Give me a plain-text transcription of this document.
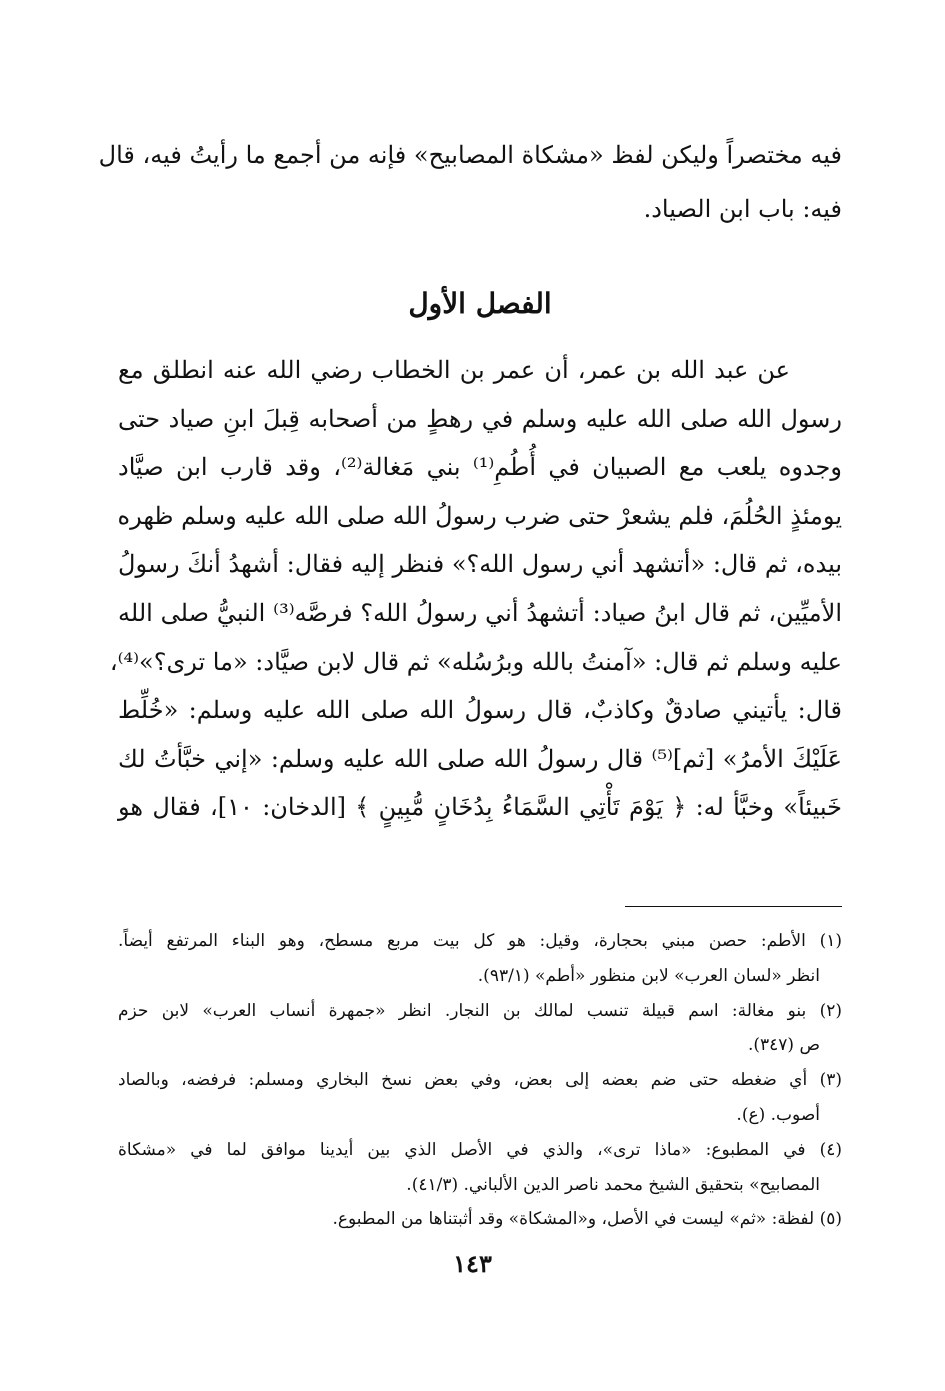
فيه مختصراً وليكن لفظ «مشكاة المصابيح» فإنه من أجمع ما رأيتُ فيه، قال
فيه: باب ابن الصياد.
الفصل الأول
عن عبد الله بن عمر، أن عمر بن الخطاب رضي الله عنه انطلق مع
رسول الله صلى الله عليه وسلم في رهطٍ من أصحابه قِبلَ ابنِ صياد حتى
وجدوه يلعب مع الصبيان في أُطُمِ⁽¹⁾ بني مَغالة⁽²⁾، وقد قارب ابن صيَّاد
يومئذٍ الحُلُمَ، فلم يشعرْ حتى ضرب رسولُ الله صلى الله عليه وسلم ظهره
بيده، ثم قال: «أتشهد أني رسول الله؟» فنظر إليه فقال: أشهدُ أنكَ رسولُ
الأميِّين، ثم قال ابنُ صياد: أتشهدُ أني رسولُ الله؟ فرصَّه⁽³⁾ النبيُّ صلى الله
عليه وسلم ثم قال: «آمنتُ بالله وبرُسُله» ثم قال لابن صيَّاد: «ما ترى؟»⁽⁴⁾،
قال: يأتيني صادقٌ وكاذبٌ، قال رسولُ الله صلى الله عليه وسلم: «خُلِّط
عَلَيْكَ الأمرُ» [ثم]⁽⁵⁾ قال رسولُ الله صلى الله عليه وسلم: «إني خبَّأتُ لك
خَبيئاً» وخبَّأ له: ﴿ يَوْمَ تَأْتِي السَّمَاءُ بِدُخَانٍ مُّبِينٍ ﴾ [الدخان: ١٠]، فقال هو
(١) الأطم: حصن مبني بحجارة، وقيل: هو كل بيت مربع مسطح، وهو البناء المرتفع أيضاً.
انظر «لسان العرب» لابن منظور «أطم» (٩٣/١).
(٢) بنو مغالة: اسم قبيلة تنسب لمالك بن النجار. انظر «جمهرة أنساب العرب» لابن حزم
ص (٣٤٧).
(٣) أي ضغطه حتى ضم بعضه إلى بعض، وفي بعض نسخ البخاري ومسلم: فرفضه، وبالصاد
أصوب. (ع).
(٤) في المطبوع: «ماذا ترى»، والذي في الأصل الذي بين أيدينا موافق لما في «مشكاة
المصابيح» بتحقيق الشيخ محمد ناصر الدين الألباني. (٤١/٣).
(٥) لفظة: «ثم» ليست في الأصل، و«المشكاة» وقد أثبتناها من المطبوع.
١٤٣
